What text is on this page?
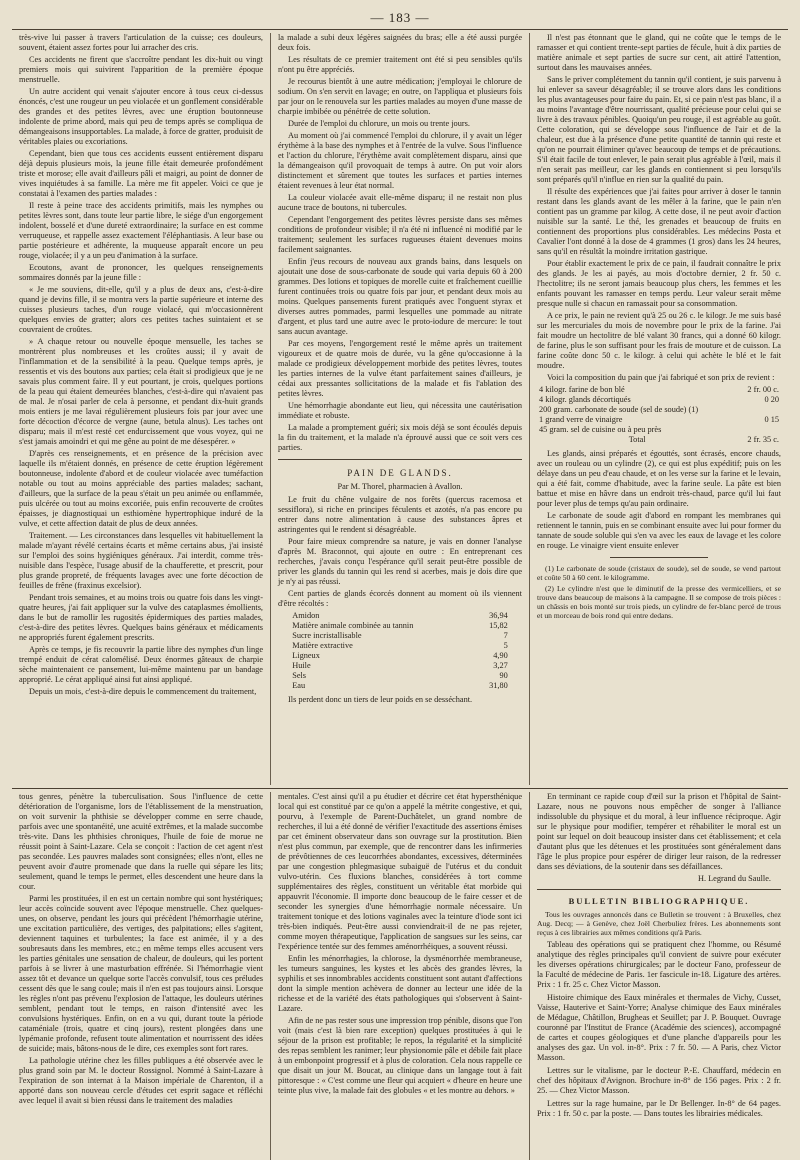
— 183 —

très-vive lui passer à travers l'articulation de la cuisse; ces douleurs, souvent, étaient assez fortes pour lui arracher des cris.

Ces accidents ne firent que s'accroître pendant les dix-huit ou vingt premiers mois qui suivirent l'apparition de la première époque menstruelle.

Un autre accident qui venait s'ajouter encore à tous ceux ci-dessus énoncés, c'est une rougeur un peu violacée et un gonflement considérable des grandes et des petites lèvres, avec une éruption boutonneuse indolente de prime abord, mais qui peu de temps après se compliqua de démangeaisons insupportables. La malade, à force de gratter, produisit de véritables plaies ou excoriations.

Cependant, bien que tous ces accidents eussent entièrement disparu déjà depuis plusieurs mois, la jeune fille était demeurée profondément triste et morose; elle avait d'ailleurs pâli et maigri, au point de donner de vives inquiétudes à sa famille. La mère me fit appeler. Voici ce que je constatai à l'examen des parties malades :

Il reste à peine trace des accidents primitifs, mais les nymphes ou petites lèvres sont, dans toute leur partie libre, le siége d'un engorgement indolent, bosselé et d'une dureté extraordinaire; la surface en est comme verruqueuse, et rappelle assez exactement l'éléphantiasis. A leur base ou partie postérieure et adhérente, la muqueuse apparaît encore un peu rouge, violacée; il y a un peu d'animation à la surface.

Ecoutons, avant de prononcer, les quelques renseignements sommaires donnés par la jeune fille :

« Je me souviens, dit-elle, qu'il y a plus de deux ans, c'est-à-dire quand je devins fille, il se montra vers la partie supérieure et interne des cuisses plusieurs taches, d'un rouge violacé, qui m'occasionnèrent quelques envies de gratter; alors ces petites taches suintaient et se couvraient de croûtes.

» A chaque retour ou nouvelle époque mensuelle, les taches se montrèrent plus nombreuses et les croûtes aussi; il y avait de l'inflammation et de la sensibilité à la peau. Quelque temps après, je ressentis et vis des boutons aux parties; cela était si prodigieux que je ne savais plus comment faire. Il y eut pourtant, je crois, quelques portions de la peau qui étaient demeurées blanches, c'est-à-dire qui n'avaient pas de mal. Je n'osai parler de cela à personne, et pendant dix-huit grands mois entiers je me lavai régulièrement plusieurs fois par jour avec une forte décoction d'écorce de vergne (aune, betula alnus). Les taches ont disparu; mais il m'est resté cet endurcissement que vous voyez, qui ne s'est jamais amoindri et qui me gêne au point de me désespérer. »

D'après ces renseignements, et en présence de la précision avec laquelle ils m'étaient donnés, en présence de cette éruption légèrement boutonneuse, indolente d'abord et de couleur violacée avec tuméfaction notable ou tout au moins appréciable des parties malades; sachant, d'ailleurs, que la surface de la peau s'était un peu animée ou enflammée, puis ulcérée ou tout au moins excoriée, puis enfin recouverte de croûtes épaisses, je diagnostiquai un esthiomène hypertrophique induré de la vulve, et cette affection datait de plus de deux années.

Traitement. — Les circonstances dans lesquelles vit habituellement la malade m'ayant révélé certains écarts et même certains abus, j'ai insisté sur l'emploi des soins hygiéniques généraux. J'ai interdit, comme très-nuisible dans l'espèce, l'usage abusif de la chaufferette, et prescrit, pour plus grande propreté, de fréquents lavages avec une forte décoction de feuilles de frêne (fraxinus excelsior).

Pendant trois semaines, et au moins trois ou quatre fois dans les vingt-quatre heures, j'ai fait appliquer sur la vulve des cataplasmes émollients, dans le but de ramollir les rugosités épidermiques des parties malades, c'est-à-dire des petites lèvres. Quelques bains généraux et médicaments ne appropriés furent également prescrits.

Après ce temps, je fis recouvrir la partie libre des nymphes d'un linge trempé enduit de cérat calomélisé. Deux énormes gâteaux de charpie sèche maintenaient ce pansement, lui-même maintenu par un bandage approprié. Le cérat appliqué ainsi fut ainsi appliqué.

Depuis un mois, c'est-à-dire depuis le commencement du traitement,

la malade a subi deux légères saignées du bras; elle a été aussi purgée deux fois.

Les résultats de ce premier traitement ont été si peu sensibles qu'ils n'ont pu être appréciés.

Je recourus bientôt à une autre médication; j'employai le chlorure de sodium. On s'en servit en lavage; en outre, on l'appliqua et plusieurs fois par jour on le renouvela sur les parties malades au moyen d'une masse de charpie imbibée ou pénétrée de cette solution.

Durée de l'emploi du chlorure, un mois ou trente jours.

Au moment où j'ai commencé l'emploi du chlorure, il y avait un léger érythème à la base des nymphes et à l'entrée de la vulve. Sous l'influence et l'action du chlorure, l'érythème avait complètement disparu, ainsi que la démangeaison qu'il provoquait de temps à autre. On put voir alors distinctement et sûrement que toutes les surfaces et parties internes étaient revenues à leur état normal.

La couleur violacée avait elle-même disparu; il ne restait non plus aucune trace de boutons, ni tubercules.

Cependant l'engorgement des petites lèvres persiste dans ses mêmes conditions de profondeur visible; il n'a été ni influencé ni modifié par le traitement; seulement les surfaces rugueuses étaient devenues moins facilement saignantes.

Enfin j'eus recours de nouveau aux grands bains, dans lesquels on ajoutait une dose de sous-carbonate de soude qui varia depuis 60 à 200 grammes. Des lotions et topiques de morelle cuite et fraîchement cueillie furent continuées trois ou quatre fois par jour, et pendant deux mois au moins. Quelques pansements furent pratiqués avec l'onguent styrax et diverses autres pommades, parmi lesquelles une pommade au nitrate d'argent, et plus tard une autre avec le proto-iodure de mercure: le tout sans aucun avantage.

Par ces moyens, l'engorgement resté le même après un traitement vigoureux et de quatre mois de durée, vu la gêne qu'occasionne à la malade ce prodigieux développement morbide des petites lèvres, toutes les parties internes de la vulve étant parfaitement saines d'ailleurs, je cédai aux pressantes sollicitations de la malade et fis l'ablation des petites lèvres.

Une hémorrhagie abondante eut lieu, qui nécessita une cautérisation immédiate et robuste.

La malade a promptement guéri; six mois déjà se sont écoulés depuis la fin du traitement, et la malade n'a éprouvé aussi que ce soit vers ces parties.

PAIN DE GLANDS.
Par M. Thorel, pharmacien à Avallon.

Le fruit du chêne vulgaire de nos forêts (quercus racemosa et sessiflora), si riche en principes féculents et azotés, n'a pas encore pu entrer dans notre alimentation à cause des substances âpres et astringentes qui le rendent si désagréable.

Pour faire mieux comprendre sa nature, je vais en donner l'analyse d'après M. Braconnot, qui ajoute en outre : En entreprenant ces recherches, j'avais conçu l'espérance qu'il serait peut-être possible de priver les glands du tannin qui les rend si acerbes, mais je dois dire que je n'y ai pas réussi.

Cent parties de glands écorcés donnent au moment où ils viennent d'être récoltés :

Amidon	36,94
Matière animale combinée au tannin	15,82
Sucre incristallisable	7
Matière extractive	5
Ligneux	4,90
Huile	3,27
Sels	90
Eau	31,80

Ils perdent donc un tiers de leur poids en se desséchant.

Il n'est pas étonnant que le gland, qui ne coûte que le temps de le ramasser et qui contient trente-sept parties de fécule, huit à dix parties de matière animale et sept parties de sucre sur cent, ait attiré l'attention, surtout dans les mauvaises années.

Sans le priver complétement du tannin qu'il contient, je suis parvenu à lui enlever sa saveur désagréable; il se trouve alors dans les conditions les plus avantageuses pour faire du pain. Et, si ce pain n'est pas blanc, il a au moins l'avantage d'être nourrissant, qualité précieuse pour celui qui se livre à des travaux pénibles. Quoiqu'un peu rouge, il est agréable au goût. Cette coloration, qui se développe sous l'influence de l'air et de la chaleur, est due à la présence d'une petite quantité de tannin qui reste et qu'on ne pourrait éliminer qu'avec beaucoup de temps et de précautions. S'il était facile de tout enlever, le pain serait plus agréable à l'œil, mais il n'en serait pas meilleur, car les glands en contiennent si peu lorsqu'ils sont préparés qu'il n'influe en rien sur la qualité du pain.

Il résulte des expériences que j'ai faites pour arriver à doser le tannin restant dans les glands avant de les mêler à la farine, que le pain n'en contient pas un gramme par kilog. A cette dose, il ne peut avoir d'action nuisible sur la santé. Le thé, les grenades et beaucoup de fruits en contiennent des proportions plus considérables. Les médecins Posta et Cavalier l'ont donné à la dose de 4 grammes (1 gros) dans les 24 heures, sans qu'il en résultât la moindre irritation gastrique.

Pour établir exactement le prix de ce pain, il faudrait connaître le prix des glands. Je les ai payés, au mois d'octobre dernier, 2 fr. 50 c. l'hectolitre; ils ne seront jamais beaucoup plus chers, les femmes et les enfants pouvant les ramasser en temps perdu. Leur valeur serait même presque nulle si chacun en ramassait pour sa consommation.

A ce prix, le pain ne revient qu'à 25 ou 26 c. le kilogr. Je me suis basé sur les mercuriales du mois de novembre pour le prix de la farine. J'ai fait moudre un hectolitre de blé valant 30 francs, qui a donné 60 kilogr. de farine, plus le son suffisant pour les frais de mouture et de cuisson. La farine coûte donc 50 c. le kilogr. à celui qui achète le blé et le fait moudre.

Voici la composition du pain que j'ai fabriqué et son prix de revient :

4 kilogr. farine de bon blé	2 fr. 00 c.
4 kilogr. glands décortiqués	0 20
200 gram. carbonate de soude (sel de soude) (1)	
1 grand verre de vinaigre	0 15
45 gram. sel de cuisine ou à peu près	
Total	2 fr. 35 c.

Les glands, ainsi préparés et égouttés, sont écrasés, encore chauds, avec un rouleau ou un cylindre (2), ce qui est plus expéditif; puis on les délaye dans un peu d'eau chaude, et on les verse sur la farine et le levain, qui a été fait, comme d'habitude, avec la farine seule. La pâte est bien battue et mise en hâvre dans un endroit très-chaud, parce qu'il lui faut pour lever plus de temps qu'au pain ordinaire.

Le carbonate de soude agit d'abord en rompant les membranes qui retiennent le tannin, puis en se combinant ensuite avec lui pour former du tannate de soude soluble qui s'en va avec les eaux de lavage et les colore en rouge. Le vinaigre vient ensuite enlever

(1) Le carbonate de soude (cristaux de soude), sel de soude, se vend partout et coûte 50 à 60 cent. le kilogramme.

(2) Le cylindre n'est que le diminutif de la presse des vermicelliers, et se trouve dans beaucoup de maisons à la campagne. Il se compose de trois pièces : un châssis en bois monté sur trois pieds, un cylindre de fer-blanc percé de trous et un morceau de bois rond qui entre dedans.

tous genres, pénètre la tuberculisation. Sous l'influence de cette détérioration de l'organisme, lors de l'établissement de la menstruation, on voit survenir la phthisie se développer comme en serre chaude, parfois avec une spontanéité, une acuité extrêmes, et la malade succombe très-vite. Dans les phthisies chroniques, l'huile de foie de morue ne réussit point à Saint-Lazare. Cela se conçoit : l'action de cet agent n'est pas secondée. Les pauvres malades sont consignées; elles n'ont, elles ne peuvent avoir d'autre promenade que dans la ruelle qui sépare les lits; seulement, quand le temps le permet, elles descendent une heure dans la cour.

Parmi les prostituées, il en est un certain nombre qui sont hystériques; leur accès coïncide souvent avec l'époque menstruelle. Chez quelques-unes, on observe, pendant les jours qui précèdent l'hémorrhagie utérine, une excitation particulière, des vertiges, des palpitations; elles s'agitent, deviennent taquines et turbulentes; la face est animée, il y a des soubresauts dans les membres, etc.; en même temps elles accusent vers les parties génitales une sensation de chaleur, de douleurs, qui les portent parfois à se livrer à une masturbation effrénée. Si l'hémorrhagie vient assez tôt et devance un quelque sorte l'accès convulsif, tous ces préludes cessent dès que le sang coule; mais il n'en est pas toujours ainsi. Lorsque les règles n'ont pas prévenu l'explosion de l'attaque, les douleurs utérines semblent, pendant tout le temps, en raison d'intensité avec les convulsions hystériques. Enfin, on en a vu qui, durant toute la période cataméniale (trois, quatre et cinq jours), restent plongées dans une lypémanie profonde, refusent toute alimentation et nourrissent des idées de suicide; mais, bâtons-nous de le dire, ces exemples sont fort rares.

La pathologie utérine chez les filles publiques a été observée avec le plus grand soin par M. le docteur Rossignol. Nommé à Saint-Lazare à l'expiration de son internat à la Maison impériale de Charenton, il a apporté dans son nouveau cercle d'études cet esprit sagace et réfléchi avec lequel il avait si bien réussi dans le traitement des maladies

mentales. C'est ainsi qu'il a pu étudier et décrire cet état hypersthénique local qui est constitué par ce qu'on a appelé la métrite congestive, et qui, pourvu, à l'exemple de Parent-Duchâtelet, un grand nombre de recherches, il lui a été donné de vérifier l'exactitude des assertions émises par cet éminent observateur dans son ouvrage sur la prostitution. Bien n'est plus commun, par exemple, que de rencontrer dans les infirmeries de prévôtiennes de ces leucorrhées abondantes, excessives, déterminées par une congestion phlegmasique subaiguë de l'utérus et du conduit vulvo-utérin. Ces fluxions blanches, considérées à tort comme supplémentaires des règles, constituent un véritable état morbide qui appauvrit l'économie. Il importe donc beaucoup de le faire cesser et de seconder les synergies d'une hémorrhagie normale nécessaire. Un traitement tonique et des lotions vaginales avec la teinture d'iode sont ici très-bien indiqués. Peut-être aussi conviendrait-il de ne pas rejeter, comme moyen thérapeutique, l'application de sangsues sur les seins, car l'expérience tentée sur des femmes aménorrhéiques, a souvent réussi.

Enfin les ménorrhagies, la chlorose, la dysménorrhée membraneuse, les tumeurs sanguines, les kystes et les abcès des grandes lèvres, la syphilis et ses innombrables accidents constituent sont autant d'affections dont la simple mention achèvera de donner au lecteur une idée de la richesse et de la variété des états pathologiques qui s'observent à Saint-Lazare.

Afin de ne pas rester sous une impression trop pénible, disons que l'on voit (mais c'est là bien rare exception) quelques prostituées à qui le séjour de la prison est profitable; le repos, la régularité et la simplicité des repas semblent les ranimer; leur physionomie pâle et débile fait place à un embonpoint progressif et à plus de coloration. Cela nous rappelle ce que disait un jour M. Boucat, au clinique dans un langage tout à fait pittoresque : « C'est comme une fleur qui acquiert « d'heure en heure une teinte plus vive, la malade fait des globules « et les montre au dehors. »

En terminant ce rapide coup d'œil sur la prison et l'hôpital de Saint-Lazare, nous ne pouvons nous empêcher de songer à l'alliance indissoluble du physique et du moral, à leur influence réciproque. Agir sur le physique pour modifier, tempérer et réhabiliter le moral est un point sur lequel on doit beaucoup insister dans cet établissement; et cela d'autant plus que les détenues et les prostituées sont généralement dans l'âge le plus propice pour espérer de diriger leur raison, de la redresser dans ses déviations, de la soutenir dans ses défaillances.

H. Legrand du Saulle.
BULLETIN BIBLIOGRAPHIQUE.

Tous les ouvrages annoncés dans ce Bulletin se trouvent : à Bruxelles, chez Aug. Decq; — à Genève, chez Joël Cherbuliez frères. Les abonnements sont reçus à ces librairies aux mêmes conditions qu'à Paris.

Tableau des opérations qui se pratiquent chez l'homme, ou Résumé analytique des règles principales qu'il convient de suivre pour exécuter les diverses opérations chirurgicales; par le docteur Fano, professeur de la Faculté de médecine de Paris. 1er fascicule in-18. Ligature des artères. Prix : 1 fr. 25 c. Chez Victor Masson.

Histoire chimique des Eaux minérales et thermales de Vichy, Cusset, Vaisse, Hauterive et Saint-Yorre; Analyse chimique des Eaux minérales de Médague, Châtillon, Brugheas et Seuillet; par J. P. Bouquet. Ouvrage couronné par l'Institut de France (Académie des sciences), accompagné de cartes et coupes géologiques et d'une planche d'appareils pour les analyses des gaz. Un vol. in-8°. Prix : 7 fr. 50. — A Paris, chez Victor Masson.

Lettres sur le vitalisme, par le docteur P.-E. Chauffard, médecin en chef des hôpitaux d'Avignon. Brochure in-8° de 156 pages. Prix : 2 fr. 25. — Chez Victor Masson.

Lettres sur la rage humaine, par le Dr Bellenger. In-8° de 64 pages. Prix : 1 fr. 50 c. par la poste. — Dans toutes les librairies médicales.
